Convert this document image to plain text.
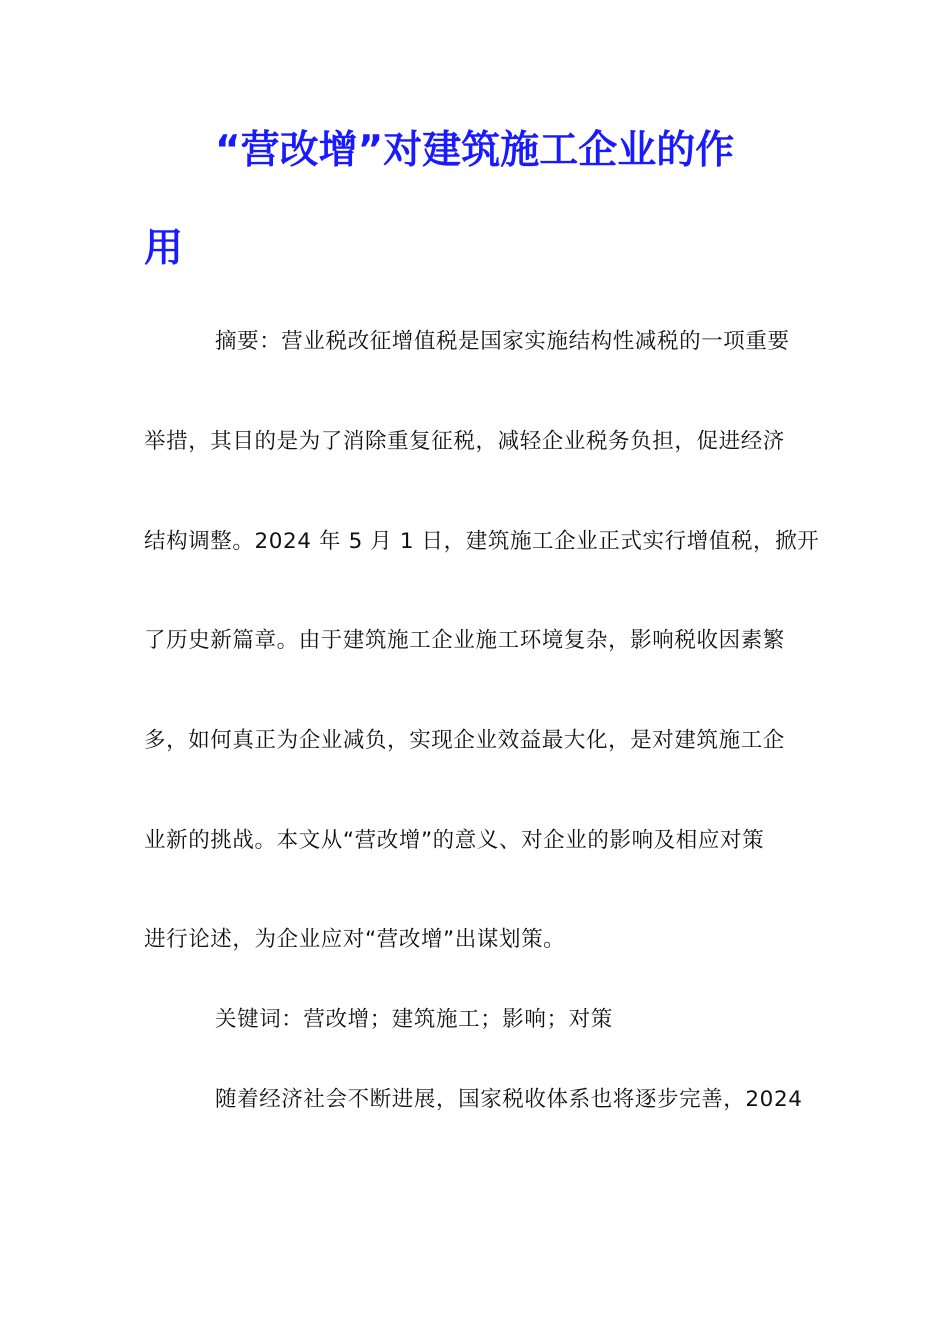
“营改增”对建筑施工企业的作
用
摘要：营业税改征增值税是国家实施结构性减税的一项重要
举措，其目的是为了消除重复征税，减轻企业税务负担，促进经济
结构调整。2024 年 5 月 1 日，建筑施工企业正式实行增值税，掀开
了历史新篇章。由于建筑施工企业施工环境复杂，影响税收因素繁
多，如何真正为企业减负，实现企业效益最大化，是对建筑施工企
业新的挑战。本文从“营改增”的意义、对企业的影响及相应对策
进行论述，为企业应对“营改增”出谋划策。
关键词：营改增；建筑施工；影响；对策
随着经济社会不断进展，国家税收体系也将逐步完善，2024
